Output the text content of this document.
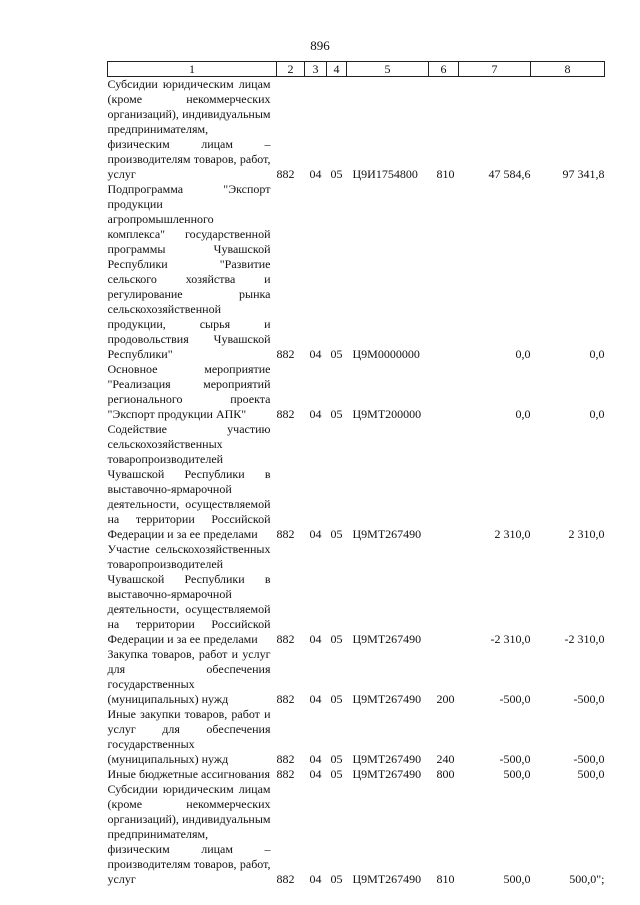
896
1	2	3	4	5	6	7	8
Субсидии юридическим лицам (кроме некоммерческих организаций), индивидуальным предпринимателям, физическим лицам – производителям товаров, работ, услуг	882	04	05	Ц9И1754800	810	47 584,6	97 341,8
Подпрограмма "Экспорт продукции агропромышленного комплекса" государственной программы Чувашской Республики "Развитие сельского хозяйства и регулирование рынка сельскохозяйственной продукции, сырья и продовольствия Чувашской Республики"	882	04	05	Ц9М0000000		0,0	0,0
Основное мероприятие "Реализация мероприятий регионального проекта "Экспорт продукции АПК"	882	04	05	Ц9МТ200000		0,0	0,0
Содействие участию сельскохозяйственных товаропроизводителей Чувашской Республики в выставочно-ярмарочной деятельности, осуществляемой на территории Российской Федерации и за ее пределами	882	04	05	Ц9МТ267490		2 310,0	2 310,0
Участие сельскохозяйственных товаропроизводителей Чувашской Республики в выставочно-ярмарочной деятельности, осуществляемой на территории Российской Федерации и за ее пределами	882	04	05	Ц9МТ267490		-2 310,0	-2 310,0
Закупка товаров, работ и услуг для обеспечения государственных (муниципальных) нужд	882	04	05	Ц9МТ267490	200	-500,0	-500,0
Иные закупки товаров, работ и услуг для обеспечения государственных (муниципальных) нужд	882	04	05	Ц9МТ267490	240	-500,0	-500,0
Иные бюджетные ассигнования	882	04	05	Ц9МТ267490	800	500,0	500,0
Субсидии юридическим лицам (кроме некоммерческих организаций), индивидуальным предпринимателям, физическим лицам – производителям товаров, работ, услуг	882	04	05	Ц9МТ267490	810	500,0	500,0";
